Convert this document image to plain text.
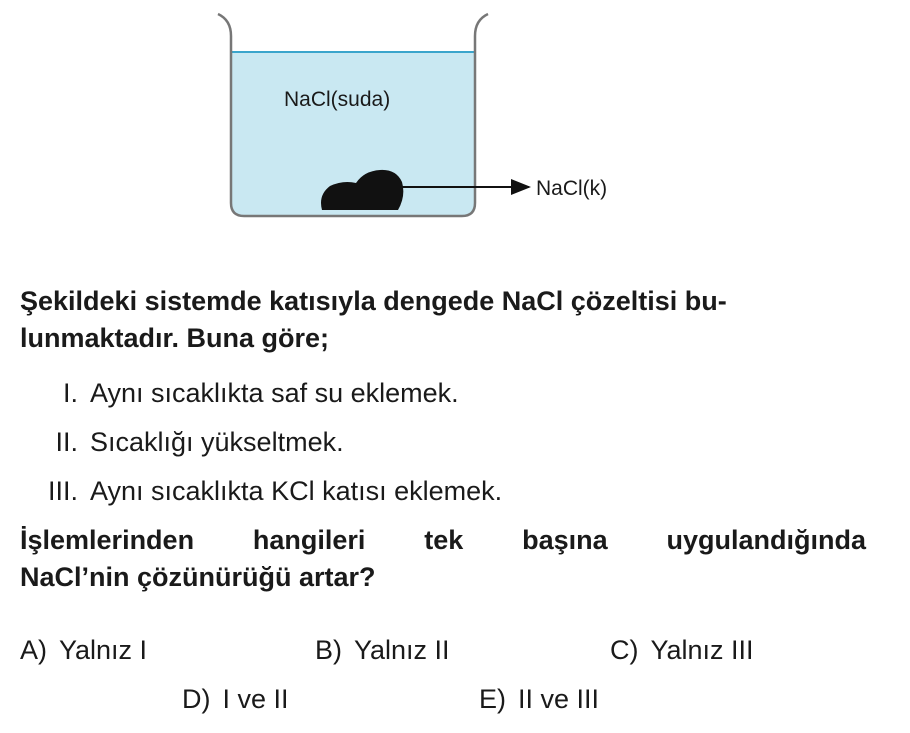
NaCl(suda)
NaCl(k)
Şekildeki sistemde katısıyla dengede NaCl çözeltisi bu-
lunmaktadır. Buna göre;
I. Aynı sıcaklıkta saf su eklemek.
II. Sıcaklığı yükseltmek.
III. Aynı sıcaklıkta KCl katısı eklemek.
İşlemlerinden hangileri tek başına uygulandığında
NaCl’nin çözünürüğü artar?
A) Yalnız I	B) Yalnız II	C) Yalnız III
D) I ve II	E) II ve III
